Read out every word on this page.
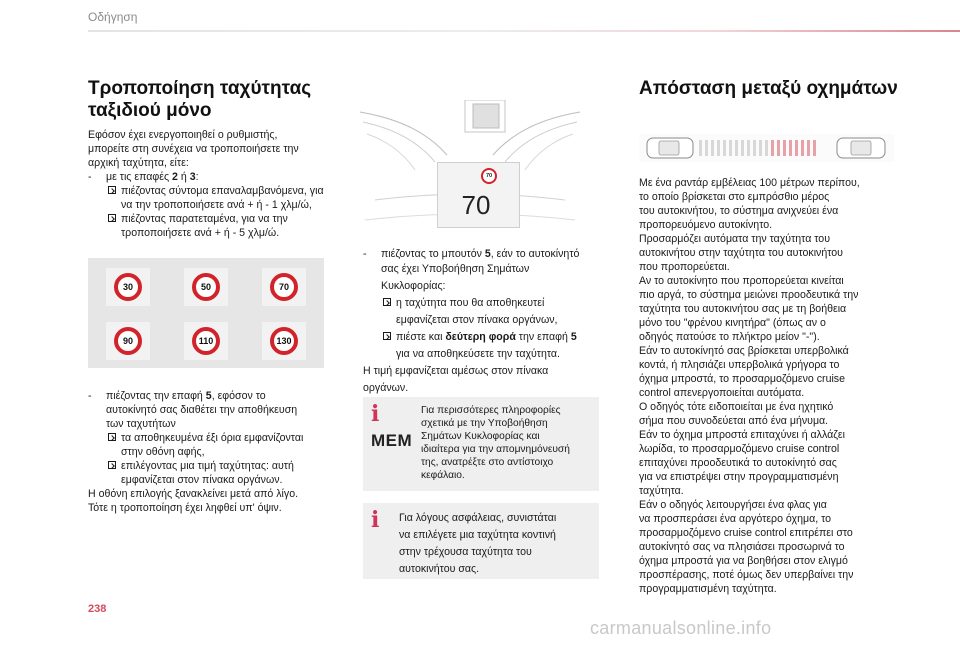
Οδήγηση
Τροποποίηση ταχύτητας
ταξιδιού μόνο
Εφόσον έχει ενεργοποιηθεί ο ρυθμιστής,
μπορείτε στη συνέχεια να τροποποιήσετε την
αρχική ταχύτητα, είτε:
- με τις επαφές 2 ή 3:
πιέζοντας σύντομα επαναλαμβανόμενα, για
να την τροποποιήσετε ανά + ή - 1 χλμ/ώ,
πιέζοντας παρατεταμένα, για να την
τροποποιήσετε ανά + ή - 5 χλμ/ώ.
30	50	70
90	110	130
- πιέζοντας την επαφή 5, εφόσον το
αυτοκίνητό σας διαθέτει την αποθήκευση
των ταχυτήτων
τα αποθηκευμένα έξι όρια εμφανίζονται
στην οθόνη αφής,
επιλέγοντας μια τιμή ταχύτητας: αυτή
εμφανίζεται στον πίνακα οργάνων.
Η οθόνη επιλογής ξανακλείνει μετά από λίγο.
Τότε η τροποποίηση έχει ληφθεί υπ' όψιν.
70
70
- πιέζοντας το μπουτόν 5, εάν το αυτοκίνητό
σας έχει Υποβοήθηση Σημάτων
Κυκλοφορίας:
η ταχύτητα που θα αποθηκευτεί
εμφανίζεται στον πίνακα οργάνων,
πιέστε και δεύτερη φορά την επαφή 5
για να αποθηκεύσετε την ταχύτητα.
Η τιμή εμφανίζεται αμέσως στον πίνακα
οργάνων.
i
MEM
Για περισσότερες πληροφορίες
σχετικά με την Υποβοήθηση
Σημάτων Κυκλοφορίας και
ιδιαίτερα για την απομνημόνευσή
της, ανατρέξτε στο αντίστοιχο
κεφάλαιο.
i Για λόγους ασφάλειας, συνιστάται
να επιλέγετε μια ταχύτητα κοντινή
στην τρέχουσα ταχύτητα του
αυτοκινήτου σας.
Απόσταση μεταξύ οχημάτων
Με ένα ραντάρ εμβέλειας 100 μέτρων περίπου,
το οποίο βρίσκεται στο εμπρόσθιο μέρος
του αυτοκινήτου, το σύστημα ανιχνεύει ένα
προπορευόμενο αυτοκίνητο.
Προσαρμόζει αυτόματα την ταχύτητα του
αυτοκινήτου στην ταχύτητα του αυτοκινήτου
που προπορεύεται.
Αν το αυτοκίνητο που προπορεύεται κινείται
πιο αργά, το σύστημα μειώνει προοδευτικά την
ταχύτητα του αυτοκινήτου σας με τη βοήθεια
μόνο του "φρένου κινητήρα" (όπως αν ο
οδηγός πατούσε το πλήκτρο μείον "-").
Εάν το αυτοκίνητό σας βρίσκεται υπερβολικά
κοντά, ή πλησιάζει υπερβολικά γρήγορα το
όχημα μπροστά, το προσαρμοζόμενο cruise
control απενεργοποιείται αυτόματα.
Ο οδηγός τότε ειδοποιείται με ένα ηχητικό
σήμα που συνοδεύεται από ένα μήνυμα.
Εάν το όχημα μπροστά επιταχύνει ή αλλάζει
λωρίδα, το προσαρμοζόμενο cruise control
επιταχύνει προοδευτικά το αυτοκίνητό σας
για να επιστρέψει στην προγραμματισμένη
ταχύτητα.
Εάν ο οδηγός λειτουργήσει ένα φλας για
να προσπεράσει ένα αργότερο όχημα, το
προσαρμοζόμενο cruise control επιτρέπει στο
αυτοκίνητό σας να πλησιάσει προσωρινά το
όχημα μπροστά για να βοηθήσει στον ελιγμό
προσπέρασης, ποτέ όμως δεν υπερβαίνει την
προγραμματισμένη ταχύτητα.
238
carmanualsonline.info
